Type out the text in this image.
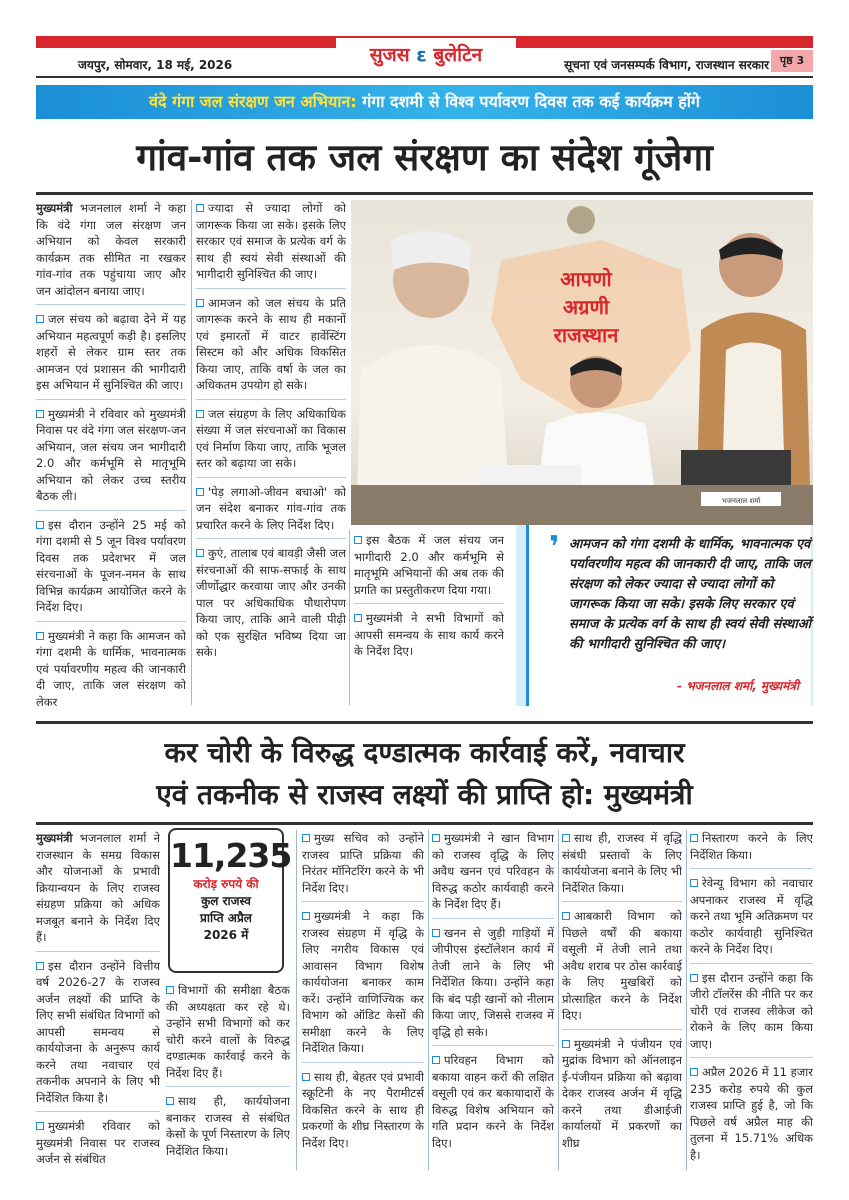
जयपुर, सोमवार, 18 मई, 2026	सुजस ε बुलेटिन	सूचना एवं जनसम्पर्क विभाग, राजस्थान सरकार पृष्ठ 3
वंदे गंगा जल संरक्षण जन अभियान: गंगा दशमी से विश्व पर्यावरण दिवस तक कई कार्यक्रम होंगे
गांव-गांव तक जल संरक्षण का संदेश गूंजेगा

मुख्यमंत्री भजनलाल शर्मा ने कहा कि वंदे गंगा जल संरक्षण जन अभियान को केवल सरकारी कार्यक्रम तक सीमित ना रखकर गांव-गांव तक पहुंचाया जाए और जन आंदोलन बनाया जाए।

जल संचय को बढ़ावा देने में यह अभियान महत्वपूर्ण कड़ी है। इसलिए शहरों से लेकर ग्राम स्तर तक आमजन एवं प्रशासन की भागीदारी इस अभियान में सुनिश्चित की जाए।

मुख्यमंत्री ने रविवार को मुख्यमंत्री निवास पर वंदे गंगा जल संरक्षण-जन अभियान, जल संचय जन भागीदारी 2.0 और कर्मभूमि से मातृभूमि अभियान को लेकर उच्च स्तरीय बैठक ली।

इस दौरान उन्होंने 25 मई को गंगा दशमी से 5 जून विश्व पर्यावरण दिवस तक प्रदेशभर में जल संरचनाओं के पूजन-नमन के साथ विभिन्न कार्यक्रम आयोजित करने के निर्देश दिए।

मुख्यमंत्री ने कहा कि आमजन को गंगा दशमी के धार्मिक, भावनात्मक एवं पर्यावरणीय महत्व की जानकारी दी जाए, ताकि जल संरक्षण को लेकर

ज्यादा से ज्यादा लोगों को जागरूक किया जा सके। इसके लिए सरकार एवं समाज के प्रत्येक वर्ग के साथ ही स्वयं सेवी संस्थाओं की भागीदारी सुनिश्चित की जाए।

आमजन को जल संचय के प्रति जागरूक करने के साथ ही मकानों एवं इमारतों में वाटर हार्वेस्टिंग सिस्टम को और अधिक विकसित किया जाए, ताकि वर्षा के जल का अधिकतम उपयोग हो सके।

जल संग्रहण के लिए अधिकाधिक संख्या में जल संरचनाओं का विकास एवं निर्माण किया जाए, ताकि भूजल स्तर को बढ़ाया जा सके।

'पेड़ लगाओ-जीवन बचाओ' को जन संदेश बनाकर गांव-गांव तक प्रचारित करने के लिए निर्देश दिए।

कुएं, तालाब एवं बावड़ी जैसी जल संरचनाओं की साफ-सफाई के साथ जीर्णोद्धार करवाया जाए और उनकी पाल पर अधिकाधिक पौधारोपण किया जाए, ताकि आने वाली पीढ़ी को एक सुरक्षित भविष्य दिया जा सके।

इस बैठक में जल संचय जन भागीदारी 2.0 और कर्मभूमि से मातृभूमि अभियानों की अब तक की प्रगति का प्रस्तुतीकरण दिया गया।

मुख्यमंत्री ने सभी विभागों को आपसी समन्वय के साथ कार्य करने के निर्देश दिए।

आपणो
अग्रणी
राजस्थान
भजनलाल शर्मा
❜ आमजन को गंगा दशमी के धार्मिक, भावनात्मक एवं पर्यावरणीय महत्व की जानकारी दी जाए, ताकि जल संरक्षण को लेकर ज्यादा से ज्यादा लोगों को जागरूक किया जा सके। इसके लिए सरकार एवं समाज के प्रत्येक वर्ग के साथ ही स्वयं सेवी संस्थाओं की भागीदारी सुनिश्चित की जाए।
- भजनलाल शर्मा, मुख्यमंत्री
कर चोरी के विरुद्ध दण्डात्मक कार्रवाई करें, नवाचार
एवं तकनीक से राजस्व लक्ष्यों की प्राप्ति हो: मुख्यमंत्री

मुख्यमंत्री भजनलाल शर्मा ने राजस्थान के समग्र विकास और योजनाओं के प्रभावी क्रियान्वयन के लिए राजस्व संग्रहण प्रक्रिया को अधिक मजबूत बनाने के निर्देश दिए हैं।

इस दौरान उन्होंने वित्तीय वर्ष 2026-27 के राजस्व अर्जन लक्ष्यों की प्राप्ति के लिए सभी संबंधित विभागों को आपसी समन्वय से कार्ययोजना के अनुरूप कार्य करने तथा नवाचार एवं तकनीक अपनाने के लिए भी निर्देशित किया है।

मुख्यमंत्री रविवार को मुख्यमंत्री निवास पर राजस्व अर्जन से संबंधित

11,235
करोड़ रुपये की
कुल राजस्व
प्राप्ति अप्रैल
2026 में

विभागों की समीक्षा बैठक की अध्यक्षता कर रहे थे। उन्होंने सभी विभागों को कर चोरी करने वालों के विरुद्ध दण्डात्मक कार्रवाई करने के निर्देश दिए हैं।

साथ ही, कार्ययोजना बनाकर राजस्व से संबंधित केसों के पूर्ण निस्तारण के लिए निर्देशित किया।

मुख्य सचिव को उन्होंने राजस्व प्राप्ति प्रक्रिया की निरंतर मॉनिटरिंग करने के भी निर्देश दिए।

मुख्यमंत्री ने कहा कि राजस्व संग्रहण में वृद्धि के लिए नगरीय विकास एवं आवासन विभाग विशेष कार्ययोजना बनाकर काम करें। उन्होंने वाणिज्यिक कर विभाग को ऑडिट केसों की समीक्षा करने के लिए निर्देशित किया।

साथ ही, बेहतर एवं प्रभावी स्क्रूटिनी के नए पैरामीटर्स विकसित करने के साथ ही प्रकरणों के शीघ्र निस्तारण के निर्देश दिए।

मुख्यमंत्री ने खान विभाग को राजस्व वृद्धि के लिए अवैध खनन एवं परिवहन के विरुद्ध कठोर कार्यवाही करने के निर्देश दिए हैं।

खनन से जुड़ी गाड़ियों में जीपीएस इंस्टॉलेशन कार्य में तेजी लाने के लिए भी निर्देशित किया। उन्होंने कहा कि बंद पड़ी खानों को नीलाम किया जाए, जिससे राजस्व में वृद्धि हो सके।

परिवहन विभाग को बकाया वाहन करों की लक्षित वसूली एवं कर बकायादारों के विरुद्ध विशेष अभियान को गति प्रदान करने के निर्देश दिए।

साथ ही, राजस्व में वृद्धि संबंधी प्रस्तावों के लिए कार्ययोजना बनाने के लिए भी निर्देशित किया।

आबकारी विभाग को पिछले वर्षों की बकाया वसूली में तेजी लाने तथा अवैध शराब पर ठोस कार्रवाई के लिए मुखबिरों को प्रोत्साहित करने के निर्देश दिए।

मुख्यमंत्री ने पंजीयन एवं मुद्रांक विभाग को ऑनलाइन ई-पंजीयन प्रक्रिया को बढ़ावा देकर राजस्व अर्जन में वृद्धि करने तथा डीआईजी कार्यालयों में प्रकरणों का शीघ्र

निस्तारण करने के लिए निर्देशित किया।

रेवेन्यू विभाग को नवाचार अपनाकर राजस्व में वृद्धि करने तथा भूमि अतिक्रमण पर कठोर कार्यवाही सुनिश्चित करने के निर्देश दिए।

इस दौरान उन्होंने कहा कि जीरो टॉलरेंस की नीति पर कर चोरी एवं राजस्व लीकेज को रोकने के लिए काम किया जाए।

अप्रैल 2026 में 11 हजार 235 करोड़ रुपये की कुल राजस्व प्राप्ति हुई है, जो कि पिछले वर्ष अप्रैल माह की तुलना में 15.71% अधिक है।
